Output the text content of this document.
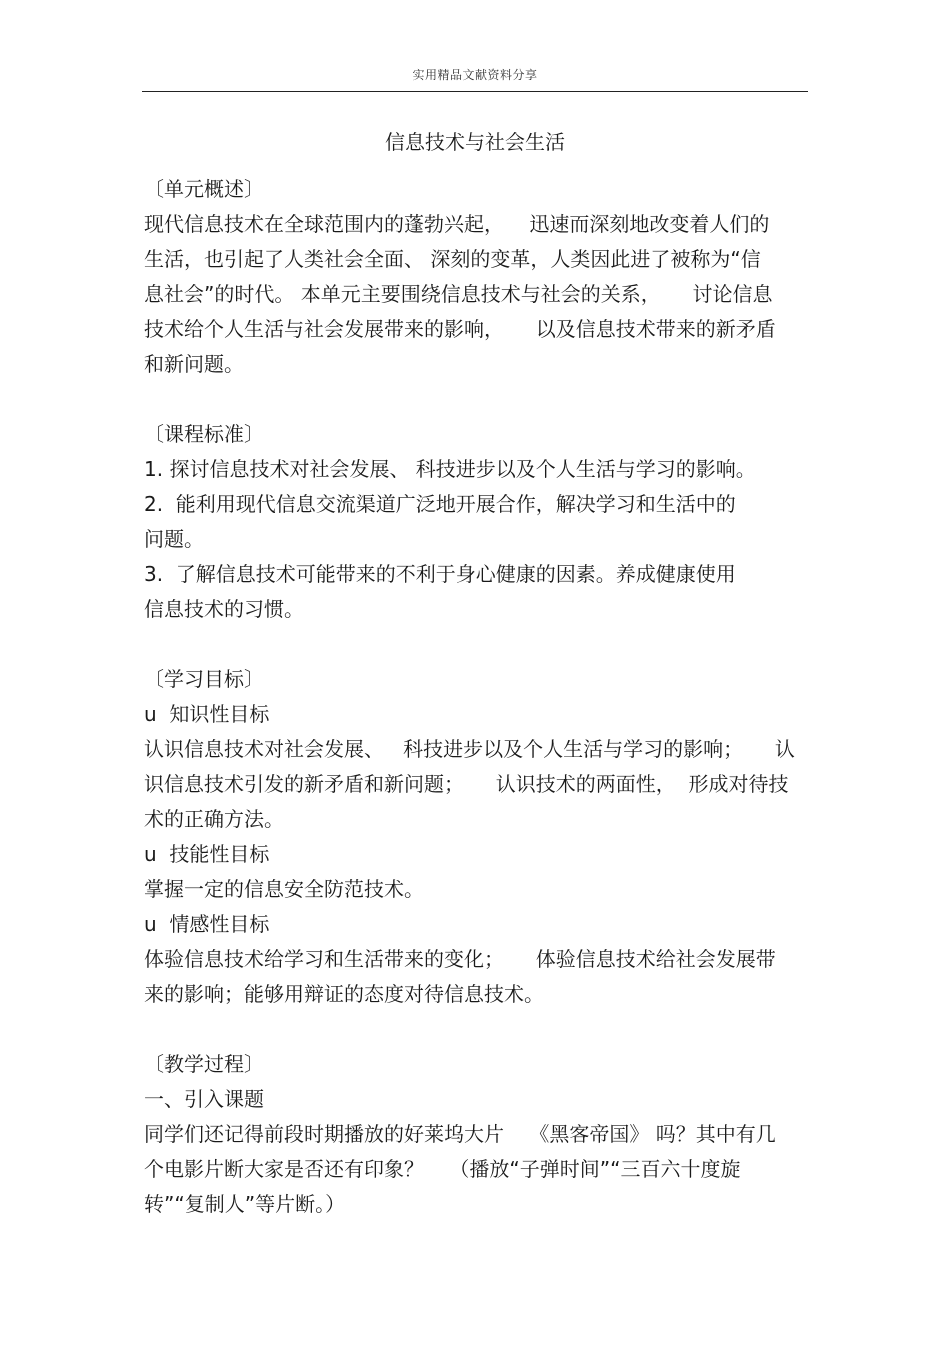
实用精品文献资料分享
信息技术与社会生活

〔单元概述〕

现代信息技术在全球范围内的蓬勃兴起，    迅速而深刻地改变着人们的

生活，也引起了人类社会全面、 深刻的变革，人类因此进了被称为“信

息社会”的时代。 本单元主要围绕信息技术与社会的关系，     讨论信息

技术给个人生活与社会发展带来的影响，     以及信息技术带来的新矛盾

和新问题。

〔课程标准〕

1. 探讨信息技术对社会发展、 科技进步以及个人生活与学习的影响。

2.  能利用现代信息交流渠道广泛地开展合作，解决学习和生活中的

问题。

3.  了解信息技术可能带来的不利于身心健康的因素。养成健康使用

信息技术的习惯。

〔学习目标〕

u  知识性目标

认识信息技术对社会发展、   科技进步以及个人生活与学习的影响；     认

识信息技术引发的新矛盾和新问题；     认识技术的两面性，  形成对待技

术的正确方法。

u  技能性目标

掌握一定的信息安全防范技术。

u  情感性目标

体验信息技术给学习和生活带来的变化；     体验信息技术给社会发展带

来的影响；能够用辩证的态度对待信息技术。

〔教学过程〕

一、引入课题

同学们还记得前段时期播放的好莱坞大片    《黑客帝国》 吗？其中有几

个电影片断大家是否还有印象？    （播放“子弹时间”“三百六十度旋

转”“复制人”等片断。）
